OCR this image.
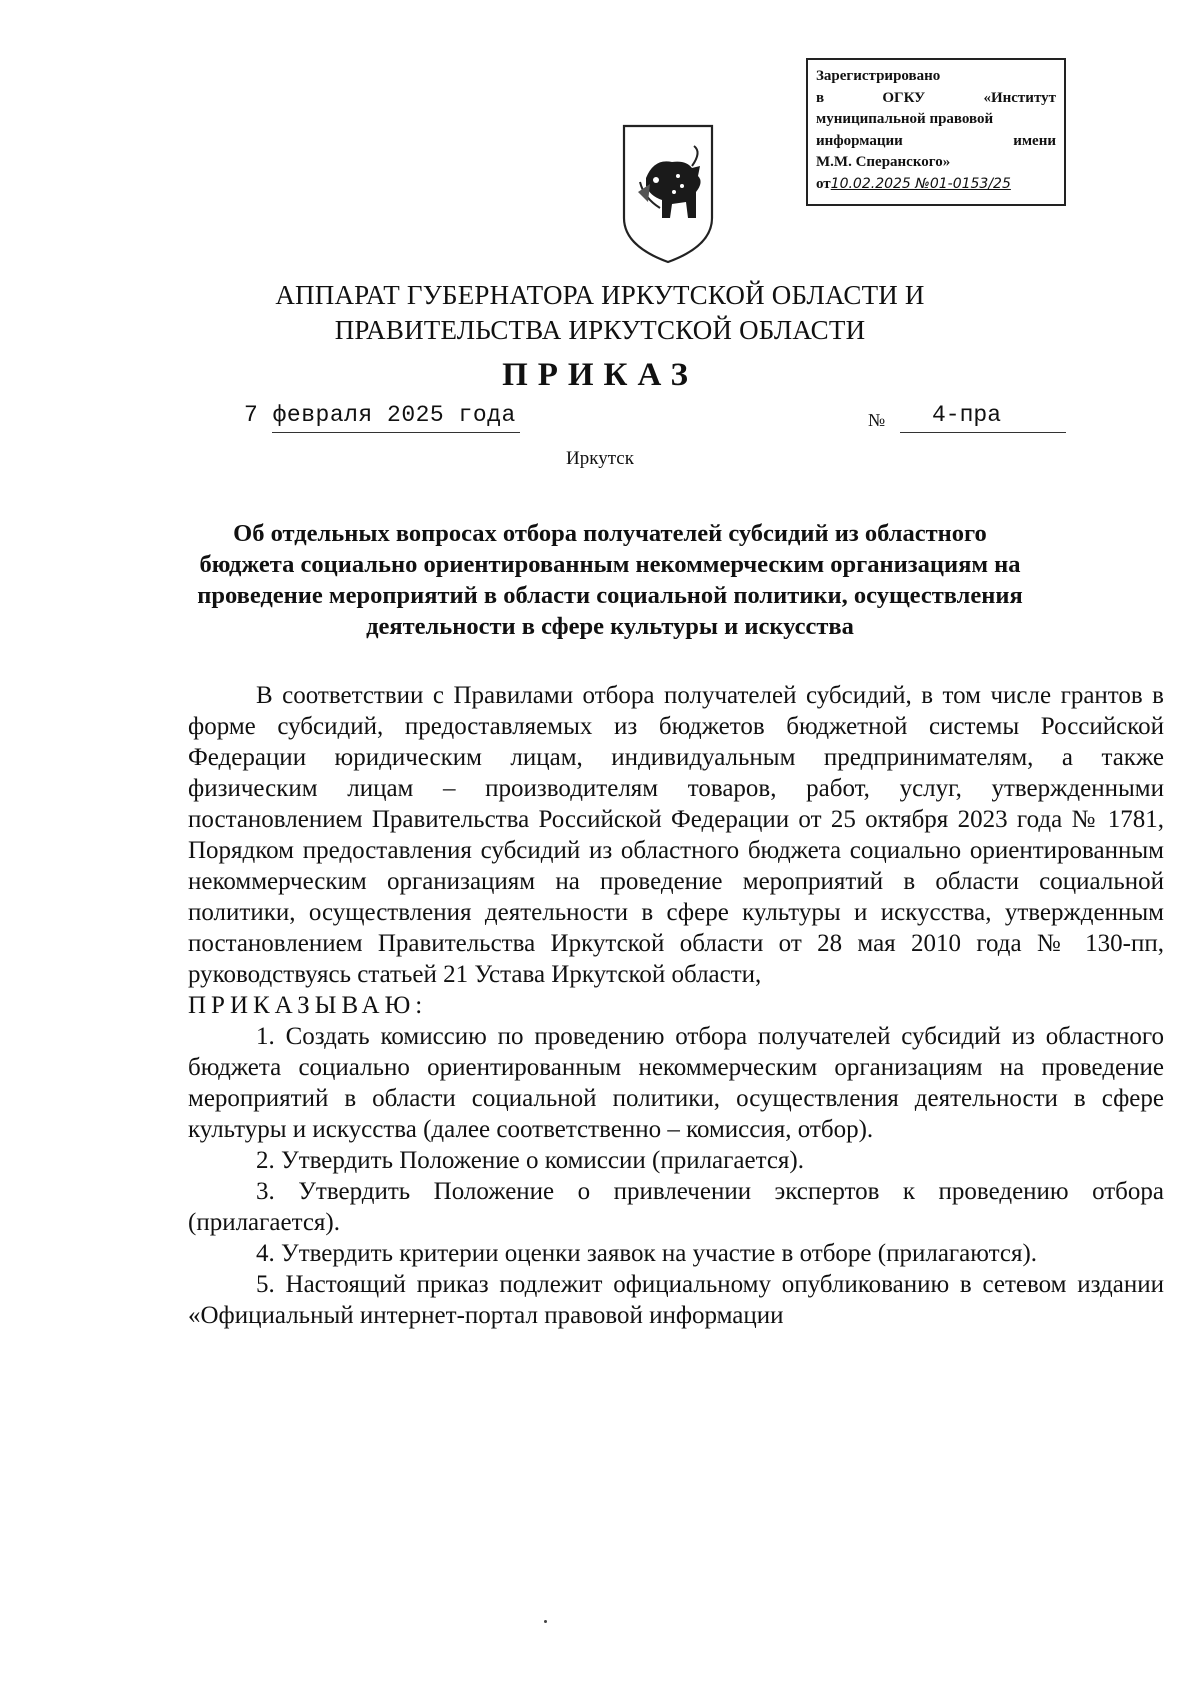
Зарегистрировано
в	ОГКУ	«Институт
муниципальной правовой
информации	имени
М.М. Сперанского»
от 10.02.2025 №01-0153/25
АППАРАТ ГУБЕРНАТОРА ИРКУТСКОЙ ОБЛАСТИ И
ПРАВИТЕЛЬСТВА ИРКУТСКОЙ ОБЛАСТИ
ПРИКАЗ
7 февраля 2025 года	№ 4-пра
Иркутск
Об отдельных вопросах отбора получателей субсидий из областного
бюджета социально ориентированным некоммерческим организациям на
проведение мероприятий в области социальной политики, осуществления
деятельности в сфере культуры и искусства

В соответствии с Правилами отбора получателей субсидий, в том числе грантов в форме субсидий, предоставляемых из бюджетов бюджетной системы Российской Федерации юридическим лицам, индивидуальным предпринимателям, а также физическим лицам – производителям товаров, работ, услуг, утвержденными постановлением Правительства Российской Федерации от 25 октября 2023 года № 1781, Порядком предоставления субсидий из областного бюджета социально ориентированным некоммерческим организациям на проведение мероприятий в области социальной политики, осуществления деятельности в сфере культуры и искусства, утвержденным постановлением Правительства Иркутской области от 28 мая 2010 года № 130-пп, руководствуясь статьей 21 Устава Иркутской области,

ПРИКАЗЫВАЮ:

1. Создать комиссию по проведению отбора получателей субсидий из областного бюджета социально ориентированным некоммерческим организациям на проведение мероприятий в области социальной политики, осуществления деятельности в сфере культуры и искусства (далее соответственно – комиссия, отбор).

2. Утвердить Положение о комиссии (прилагается).

3. Утвердить Положение о привлечении экспертов к проведению отбора (прилагается).

4. Утвердить критерии оценки заявок на участие в отборе (прилагаются).

5. Настоящий приказ подлежит официальному опубликованию в сетевом издании «Официальный интернет-портал правовой информации
